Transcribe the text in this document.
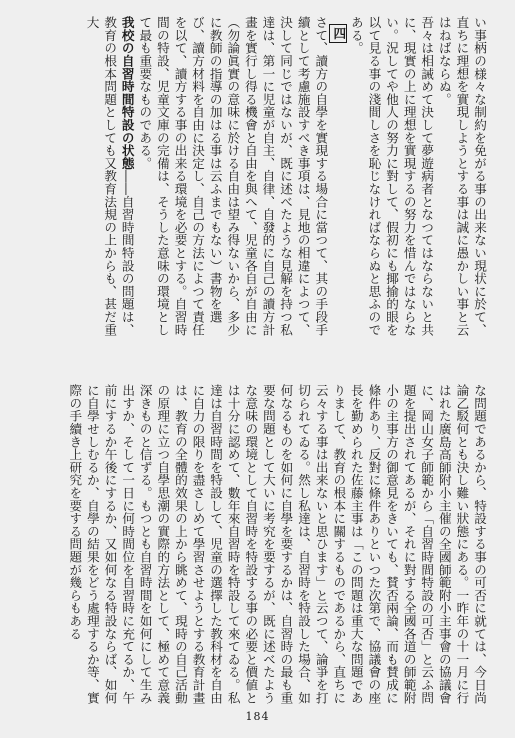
い事柄の様々な制約を免がる事の出来ない現状に於て、直ちに理想を實現しようとする事は誠に愚かしい事と云はねばならぬ。

吾々は相誡めて決して夢遊病者となつてはならないと共に、現實の上に理想を實現するの努力を惜んではならない。況してや他人の努力に對して、假初にも揶揄的眼を以て見る事の淺間しさを恥じなければならぬと思ふのである。

四

さて、讀方の自學を實現する場合に當つて、其の手段手續として考慮施設すべき事項は、見地の相違によつて、決して同じではないが、既に述べたような見解を持つ私達は、第一に児童が自主、自律、自發的に自己の讀方計畫を實行し得る機會と自由を與へて、児童各自が自由に（勿論眞實の意味に於ける自由は望み得ないから、多少に教師の指導の加はる事は云ふまでもない）書物を選び、讀方材料を自由に決定し、自己の方法によつて責任を以て、讀方する事の出来る環境を必要とする。自習時間の特設、児童文庫の完備は、そうした意味の環境として最も重要なものである。

我校の自習時間特設の状態――自習時間特設の問題は、教育の根本問題としても又教育法規の上からも、甚だ重大

な問題であるから、特設する事の可否に就ては、今日尚論乙駁何とも決し難い狀態にある。一昨年の十一月に行はれた廣島高師附小主催の全國師範附小主事會の協議會に、岡山女子師範から「自習時間特設の可否」と云ふ問題を提出されてあるが、それに對する全國各道の師範附小の主事方の御意見をきいても、賛否兩論、而も賛成に條件あり、反對に條件ありといつた次第で、協議會の座長を勤められた佐藤主事は「この問題は重大な問題でありまして、教育の根本に關するものであるから、直ちに云々する事は出来ないと思ひます」と云つて、論爭を打切られてゐる。然し私達は、自習時を特設した場合、如何なるものを如何に自學を要するかは、自習時の最も重要な問題として大いに考究を要するが、既に述べたような意味の環境として自習時を特設する事の必要と價値とは十分に認めて、數年來自習時を特設して來てゐる。私達は自習時間を特設して、児童の選擇した教科材を自由に自力の限りを盡さしめて學習させようとする教育計畫は、教育の全體的效果の上から眺めて、現時の自己活動の原理に立つ自學思潮の實際的方法として、極めて意義深きものと信ずる。もつとも自習時間を如何にして生み出すか、そして一日に何時間位を自習時に充てるか、午前にするか午後にするか、又如何なる特設ならば、如何に自學せしむるか、自學の結果をどう處理するか等、實際の手續き上研究を要する問題が幾らもある

184
